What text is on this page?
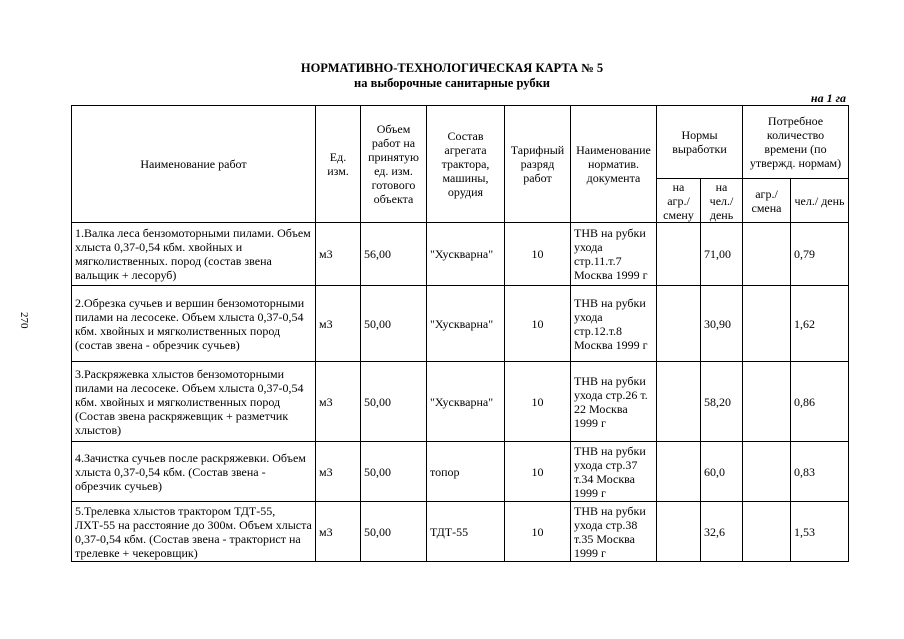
НОРМАТИВНО-ТЕХНОЛОГИЧЕСКАЯ КАРТА № 5
на выборочные санитарные рубки
на 1 га
270
Наименование работ	Ед. изм.	Объем работ на принятую ед. изм. готового объекта	Состав агрегата трактора, машины, орудия	Тарифный разряд работ	Наименование норматив. документа	Нормы выработки		Потребное количество времени (по утвержд. нормам)	
						на агр./ смену	на чел./ день	агр./ смена	чел./ день
1.Валка леса бензомоторными пилами. Объем хлыста 0,37-0,54 кбм. хвойных и мягколиственных. пород (состав звена вальщик + лесоруб)	м3	56,00	"Хускварна"	10	ТНВ на рубки ухода стр.11.т.7 Москва 1999 г		71,00		0,79
2.Обрезка сучьев и вершин бензомоторными пилами на лесосеке. Объем хлыста 0,37-0,54 кбм. хвойных и мягколиственных пород (состав звена - обрезчик сучьев)	м3	50,00	"Хускварна"	10	ТНВ на рубки ухода стр.12.т.8 Москва 1999 г		30,90		1,62
3.Раскряжевка хлыстов бензомоторными пилами на лесосеке. Объем хлыста 0,37-0,54 кбм. хвойных и мягколиственных пород (Состав звена раскряжевщик + разметчик хлыстов)	м3	50,00	"Хускварна"	10	ТНВ на рубки ухода стр.26 т. 22 Москва 1999 г		58,20		0,86
4.Зачистка сучьев после раскряжевки. Объем хлыста 0,37-0,54 кбм. (Состав звена - обрезчик сучьев)	м3	50,00	топор	10	ТНВ на рубки ухода стр.37 т.34 Москва 1999 г		60,0		0,83
5.Трелевка хлыстов трактором ТДТ-55, ЛХТ-55 на расстояние до 300м. Объем хлыста 0,37-0,54 кбм. (Состав звена - тракторист на трелевке + чекеровщик)	м3	50,00	ТДТ-55	10	ТНВ на рубки ухода стр.38 т.35 Москва 1999 г		32,6		1,53
